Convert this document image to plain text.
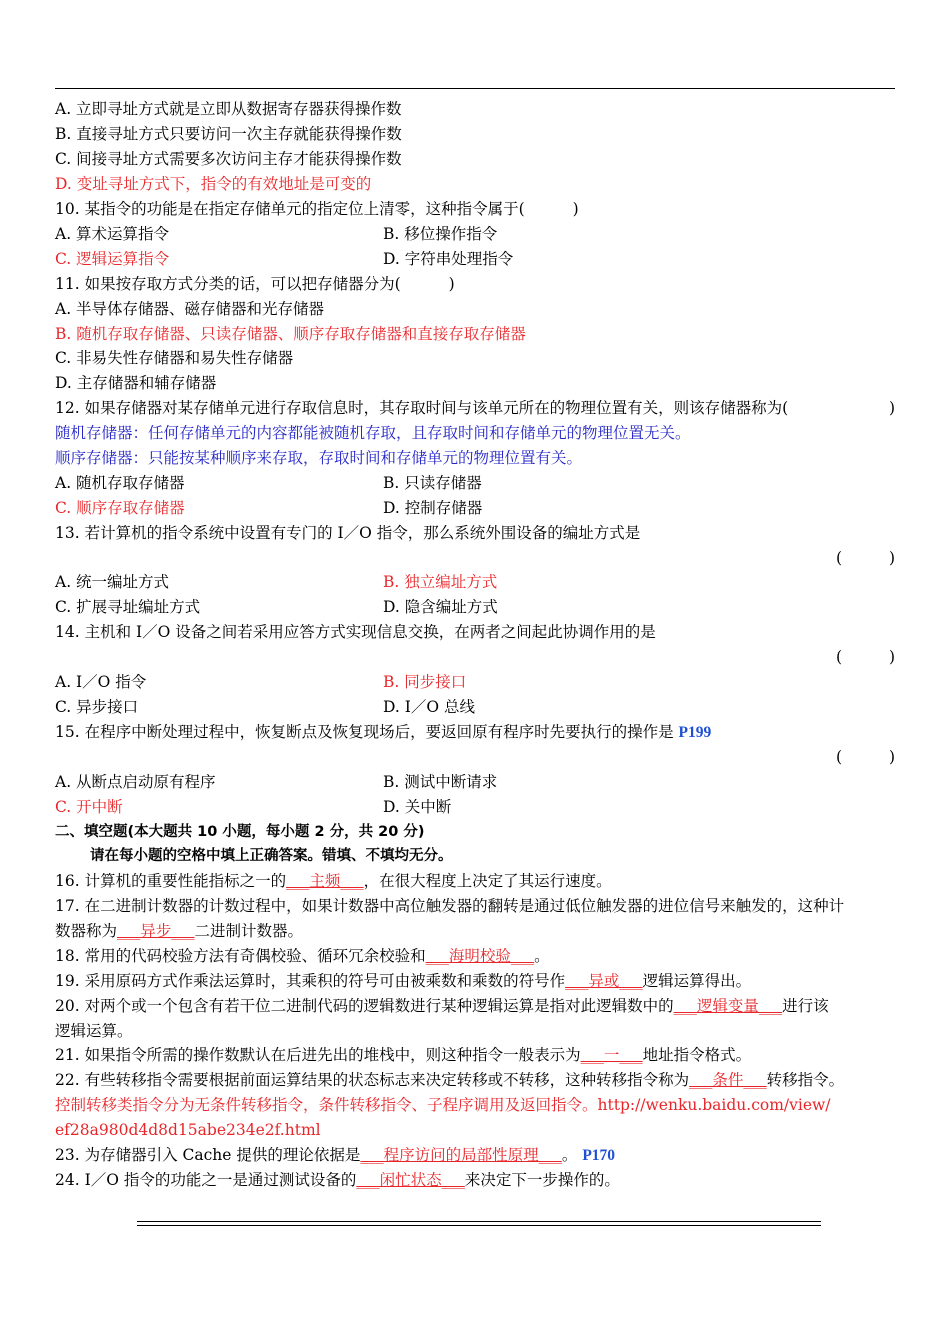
A. 立即寻址方式就是立即从数据寄存器获得操作数
B. 直接寻址方式只要访问一次主存就能获得操作数
C. 间接寻址方式需要多次访问主存才能获得操作数
D. 变址寻址方式下，指令的有效地址是可变的
10. 某指令的功能是在指定存储单元的指定位上清零，这种指令属于(	)
A. 算术运算指令	B. 移位操作指令
C. 逻辑运算指令	D. 字符串处理指令
11. 如果按存取方式分类的话，可以把存储器分为(	)
A. 半导体存储器、磁存储器和光存储器
B. 随机存取存储器、只读存储器、顺序存取存储器和直接存取存储器
C. 非易失性存储器和易失性存储器
D. 主存储器和辅存储器
12. 如果存储器对某存储单元进行存取信息时，其存取时间与该单元所在的物理位置有关，则该存储器称为(	)
随机存储器：任何存储单元的内容都能被随机存取，且存取时间和存储单元的物理位置无关。
顺序存储器：只能按某种顺序来存取，存取时间和存储单元的物理位置有关。
A. 随机存取存储器	B. 只读存储器
C. 顺序存取存储器	D. 控制存储器
13. 若计算机的指令系统中设置有专门的 I／O 指令，那么系统外围设备的编址方式是
(	)
A. 统一编址方式	B. 独立编址方式
C. 扩展寻址编址方式	D. 隐含编址方式
14. 主机和 I／O 设备之间若采用应答方式实现信息交换，在两者之间起此协调作用的是
(	)
A. I／O 指令	B. 同步接口
C. 异步接口	D. I／O 总线
15. 在程序中断处理过程中，恢复断点及恢复现场后，要返回原有程序时先要执行的操作是 P199
(	)
A. 从断点启动原有程序	B. 测试中断请求
C. 开中断	D. 关中断
二、填空题(本大题共 10 小题，每小题 2 分，共 20 分)
请在每小题的空格中填上正确答案。错填、不填均无分。
16. 计算机的重要性能指标之一的___主频___，在很大程度上决定了其运行速度。
17. 在二进制计数器的计数过程中，如果计数器中高位触发器的翻转是通过低位触发器的进位信号来触发的，这种计
数器称为___异步___二进制计数器。
18. 常用的代码校验方法有奇偶校验、循环冗余校验和___海明校验___。
19. 采用原码方式作乘法运算时，其乘积的符号可由被乘数和乘数的符号作___异或___逻辑运算得出。
20. 对两个或一个包含有若干位二进制代码的逻辑数进行某种逻辑运算是指对此逻辑数中的___逻辑变量___进行该
逻辑运算。
21. 如果指令所需的操作数默认在后进先出的堆栈中，则这种指令一般表示为___一___地址指令格式。
22. 有些转移指令需要根据前面运算结果的状态标志来决定转移或不转移，这种转移指令称为___条件___转移指令。
控制转移类指令分为无条件转移指令，条件转移指令、子程序调用及返回指令。http://wenku.baidu.com/view/
ef28a980d4d8d15abe234e2f.html
23. 为存储器引入 Cache 提供的理论依据是___程序访问的局部性原理___。 P170
24. I／O 指令的功能之一是通过测试设备的___闲忙状态___来决定下一步操作的。
